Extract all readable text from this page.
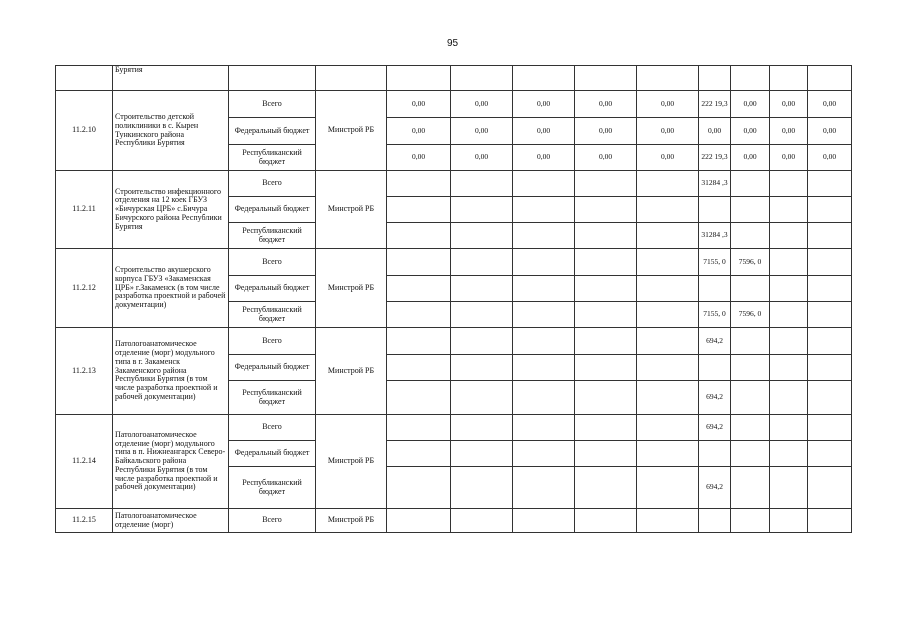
95
	Бурятия											
11.2.10	Строительство детской поликлиники в с. Кырен Тункинского района Республики Бурятия	Всего	Минстрой РБ	0,00	0,00	0,00	0,00	0,00	222 19,3	0,00	0,00	0,00
		Федеральный бюджет		0,00	0,00	0,00	0,00	0,00	0,00	0,00	0,00	0,00
		Республиканский бюджет		0,00	0,00	0,00	0,00	0,00	222 19,3	0,00	0,00	0,00
11.2.11	Строительство инфекционного отделения на 12 коек ГБУЗ «Бичурская ЦРБ» с.Бичура Бичурского района Республики Бурятия	Всего	Минстрой РБ						31284 ,3			
		Федеральный бюджет										
		Республиканский бюджет							31284 ,3			
11.2.12	Строительство акушерского корпуса ГБУЗ «Закаменская ЦРБ» г.Закаменск (в том числе разработка проектной и рабочей документации)	Всего	Минстрой РБ						7155, 0	7596, 0		
		Федеральный бюджет										
		Республиканский бюджет							7155, 0	7596, 0		
11.2.13	Патологоанатомическое отделение (морг) модульного типа в г. Закаменск Закаменского района Республики Бурятия (в том числе разработка проектной и рабочей документации)	Всего	Минстрой РБ						694,2			
		Федеральный бюджет										
		Республиканский бюджет							694,2			
11.2.14	Патологоанатомическое отделение (морг) модульного типа в п. Нижнеангарск Северо-Байкальского района Республики Бурятия (в том числе разработка проектной и рабочей документации)	Всего	Минстрой РБ						694,2			
		Федеральный бюджет										
		Республиканский бюджет							694,2			
11.2.15	Патологоанатомическое отделение (морг)	Всего	Минстрой РБ									
